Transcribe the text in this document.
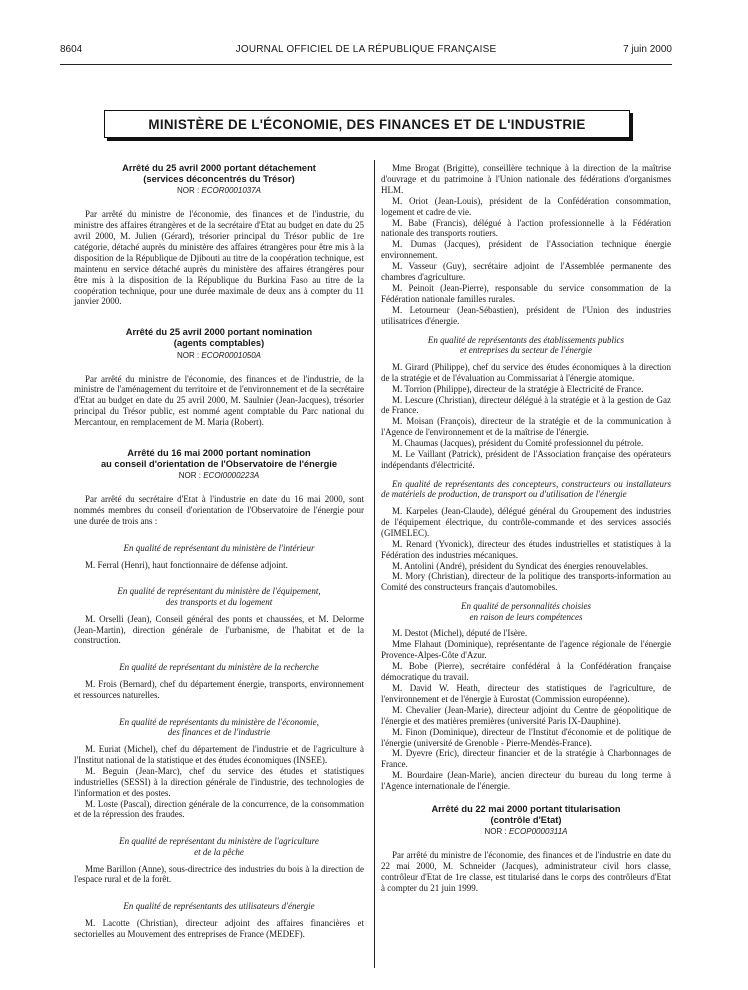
8604	JOURNAL OFFICIEL DE LA RÉPUBLIQUE FRANÇAISE	7 juin 2000
MINISTÈRE DE L'ÉCONOMIE, DES FINANCES ET DE L'INDUSTRIE

Arrêté du 25 avril 2000 portant détachement

(services déconcentrés du Trésor)

NOR : ECOR0001037A

Par arrêté du ministre de l'économie, des finances et de l'industrie, du ministre des affaires étrangères et de la secrétaire d'Etat au budget en date du 25 avril 2000, M. Julien (Gérard), trésorier principal du Trésor public de 1re catégorie, détaché auprès du ministère des affaires étrangères pour être mis à la disposition de la République de Djibouti au titre de la coopération technique, est maintenu en service détaché auprès du ministère des affaires étrangères pour être mis à la disposition de la République du Burkina Faso au titre de la coopération technique, pour une durée maximale de deux ans à compter du 11 janvier 2000.

Arrêté du 25 avril 2000 portant nomination

(agents comptables)

NOR : ECOR0001050A

Par arrêté du ministre de l'économie, des finances et de l'industrie, de la ministre de l'aménagement du territoire et de l'environnement et de la secrétaire d'Etat au budget en date du 25 avril 2000, M. Saulnier (Jean-Jacques), trésorier principal du Trésor public, est nommé agent comptable du Parc national du Mercantour, en remplacement de M. Maria (Robert).

Arrêté du 16 mai 2000 portant nomination

au conseil d'orientation de l'Observatoire de l'énergie

NOR : ECOI0000223A

Par arrêté du secrétaire d'Etat à l'industrie en date du 16 mai 2000, sont nommés membres du conseil d'orientation de l'Observatoire de l'énergie pour une durée de trois ans :

En qualité de représentant du ministère de l'intérieur

M. Ferral (Henri), haut fonctionnaire de défense adjoint.

En qualité de représentant du ministère de l'équipement,

des transports et du logement

M. Orselli (Jean), Conseil général des ponts et chaussées, et M. Delorme (Jean-Martin), direction générale de l'urbanisme, de l'habitat et de la construction.

En qualité de représentant du ministère de la recherche

M. Frois (Bernard), chef du département énergie, transports, environnement et ressources naturelles.

En qualité de représentants du ministère de l'économie,

des finances et de l'industrie

M. Euriat (Michel), chef du département de l'industrie et de l'agriculture à l'Institut national de la statistique et des études économiques (INSEE).

M. Beguin (Jean-Marc), chef du service des études et statistiques industrielles (SESSI) à la direction générale de l'industrie, des technologies de l'information et des postes.

M. Loste (Pascal), direction générale de la concurrence, de la consommation et de la répression des fraudes.

En qualité de représentant du ministère de l'agriculture

et de la pêche

Mme Barillon (Anne), sous-directrice des industries du bois à la direction de l'espace rural et de la forêt.

En qualité de représentants des utilisateurs d'énergie

M. Lacotte (Christian), directeur adjoint des affaires financières et sectorielles au Mouvement des entreprises de France (MEDEF).

Mme Brogat (Brigitte), conseillère technique à la direction de la maîtrise d'ouvrage et du patrimoine à l'Union nationale des fédérations d'organismes HLM.

M. Oriot (Jean-Louis), président de la Confédération consommation, logement et cadre de vie.

M. Babe (Francis), délégué à l'action professionnelle à la Fédération nationale des transports routiers.

M. Dumas (Jacques), président de l'Association technique énergie environnement.

M. Vasseur (Guy), secrétaire adjoint de l'Assemblée permanente des chambres d'agriculture.

M. Peinoit (Jean-Pierre), responsable du service consommation de la Fédération nationale familles rurales.

M. Letourneur (Jean-Sébastien), président de l'Union des industries utilisatrices d'énergie.

En qualité de représentants des établissements publics

et entreprises du secteur de l'énergie

M. Girard (Philippe), chef du service des études économiques à la direction de la stratégie et de l'évaluation au Commissariat à l'énergie atomique.

M. Torrion (Philippe), directeur de la stratégie à Electricité de France.

M. Lescure (Christian), directeur délégué à la stratégie et à la gestion de Gaz de France.

M. Moisan (François), directeur de la stratégie et de la communication à l'Agence de l'environnement et de la maîtrise de l'énergie.

M. Chaumas (Jacques), président du Comité professionnel du pétrole.

M. Le Vaillant (Patrick), président de l'Association française des opérateurs indépendants d'électricité.

En qualité de représentants des concepteurs, constructeurs ou installateurs de matériels de production, de transport ou d'utilisation de l'énergie

M. Karpeles (Jean-Claude), délégué général du Groupement des industries de l'équipement électrique, du contrôle-commande et des services associés (GIMELEC).

M. Renard (Yvonick), directeur des études industrielles et statistiques à la Fédération des industries mécaniques.

M. Antolini (André), président du Syndicat des énergies renouvelables.

M. Mory (Christian), directeur de la politique des transports-information au Comité des constructeurs français d'automobiles.

En qualité de personnalités choisies

en raison de leurs compétences

M. Destot (Michel), député de l'Isère.

Mme Flahaut (Dominique), représentante de l'agence régionale de l'énergie Provence-Alpes-Côte d'Azur.

M. Bobe (Pierre), secrétaire confédéral à la Confédération française démocratique du travail.

M. David W. Heath, directeur des statistiques de l'agriculture, de l'environnement et de l'énergie à Eurostat (Commission européenne).

M. Chevalier (Jean-Marie), directeur adjoint du Centre de géopolitique de l'énergie et des matières premières (université Paris IX-Dauphine).

M. Finon (Dominique), directeur de l'Institut d'économie et de politique de l'énergie (université de Grenoble - Pierre-Mendès-France).

M. Dyevre (Eric), directeur financier et de la stratégie à Charbonnages de France.

M. Bourdaire (Jean-Marie), ancien directeur du bureau du long terme à l'Agence internationale de l'énergie.

Arrêté du 22 mai 2000 portant titularisation

(contrôle d'Etat)

NOR : ECOP0000311A

Par arrêté du ministre de l'économie, des finances et de l'industrie en date du 22 mai 2000, M. Schneider (Jacques), administrateur civil hors classe, contrôleur d'Etat de 1re classe, est titularisé dans le corps des contrôleurs d'Etat à compter du 21 juin 1999.
